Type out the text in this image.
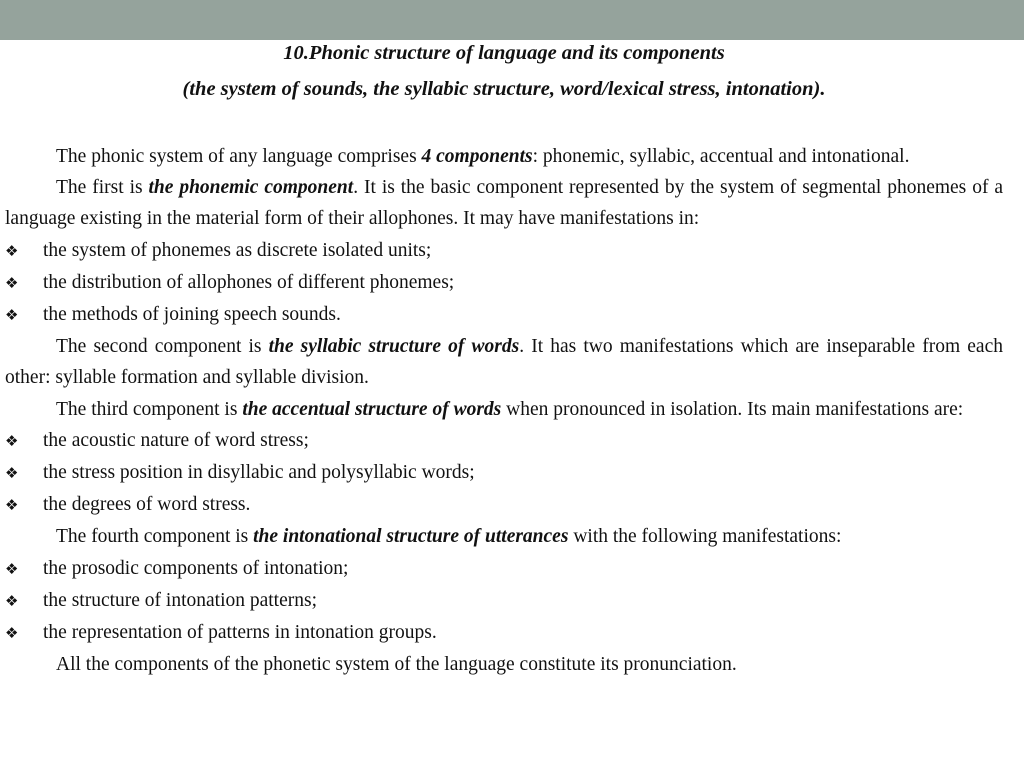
10.Phonic structure of language and its components

(the system of sounds, the syllabic structure, word/lexical stress, intonation).

The phonic system of any language comprises 4 components: phonemic, syllabic, accentual and intonational.

The first is the phonemic component. It is the basic component represented by the system of segmental phonemes of a language existing in the material form of their allophones. It may have manifestations in:

❖	the system of phonemes as discrete isolated units;
❖	the distribution of allophones of different phonemes;
❖	the methods of joining speech sounds.

The second component is the syllabic structure of words. It has two manifestations which are inseparable from each other: syllable formation and syllable division.

The third component is the accentual structure of words when pronounced in isolation. Its main manifestations are:

❖	the acoustic nature of word stress;
❖	the stress position in disyllabic and polysyllabic words;
❖	the degrees of word stress.

The fourth component is the intonational structure of utterances with the following manifestations:

❖	the prosodic components of intonation;
❖	the structure of intonation patterns;
❖	the representation of patterns in intonation groups.

All the components of the phonetic system of the language constitute its pronunciation.
